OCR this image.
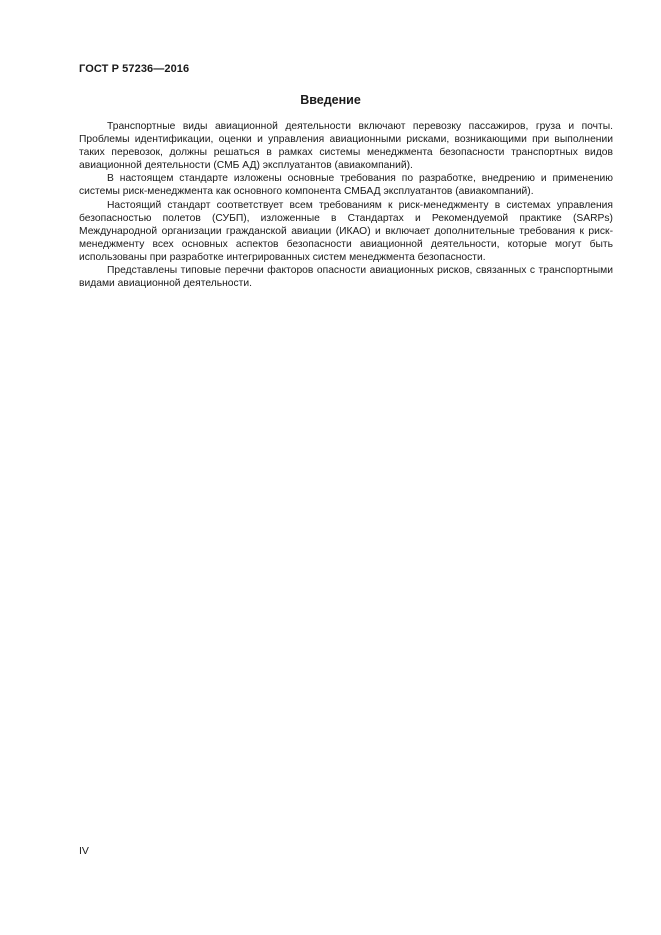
ГОСТ Р 57236—2016
Введение

Транспортные виды авиационной деятельности включают перевозку пассажиров, груза и почты. Проблемы идентификации, оценки и управления авиационными рисками, возникающими при выполнении таких перевозок, должны решаться в рамках системы менеджмента безопасности транспортных видов авиационной деятельности (СМБ АД) эксплуатантов (авиакомпаний).

В настоящем стандарте изложены основные требования по разработке, внедрению и применению системы риск-менеджмента как основного компонента СМБАД эксплуатантов (авиакомпаний).

Настоящий стандарт соответствует всем требованиям к риск-менеджменту в системах управления безопасностью полетов (СУБП), изложенные в Стандартах и Рекомендуемой практике (SARPs) Международной организации гражданской авиации (ИКАО) и включает дополнительные требования к риск-менеджменту всех основных аспектов безопасности авиационной деятельности, которые могут быть использованы при разработке интегрированных систем менеджмента безопасности.

Представлены типовые перечни факторов опасности авиационных рисков, связанных с транспортными видами авиационной деятельности.

IV
